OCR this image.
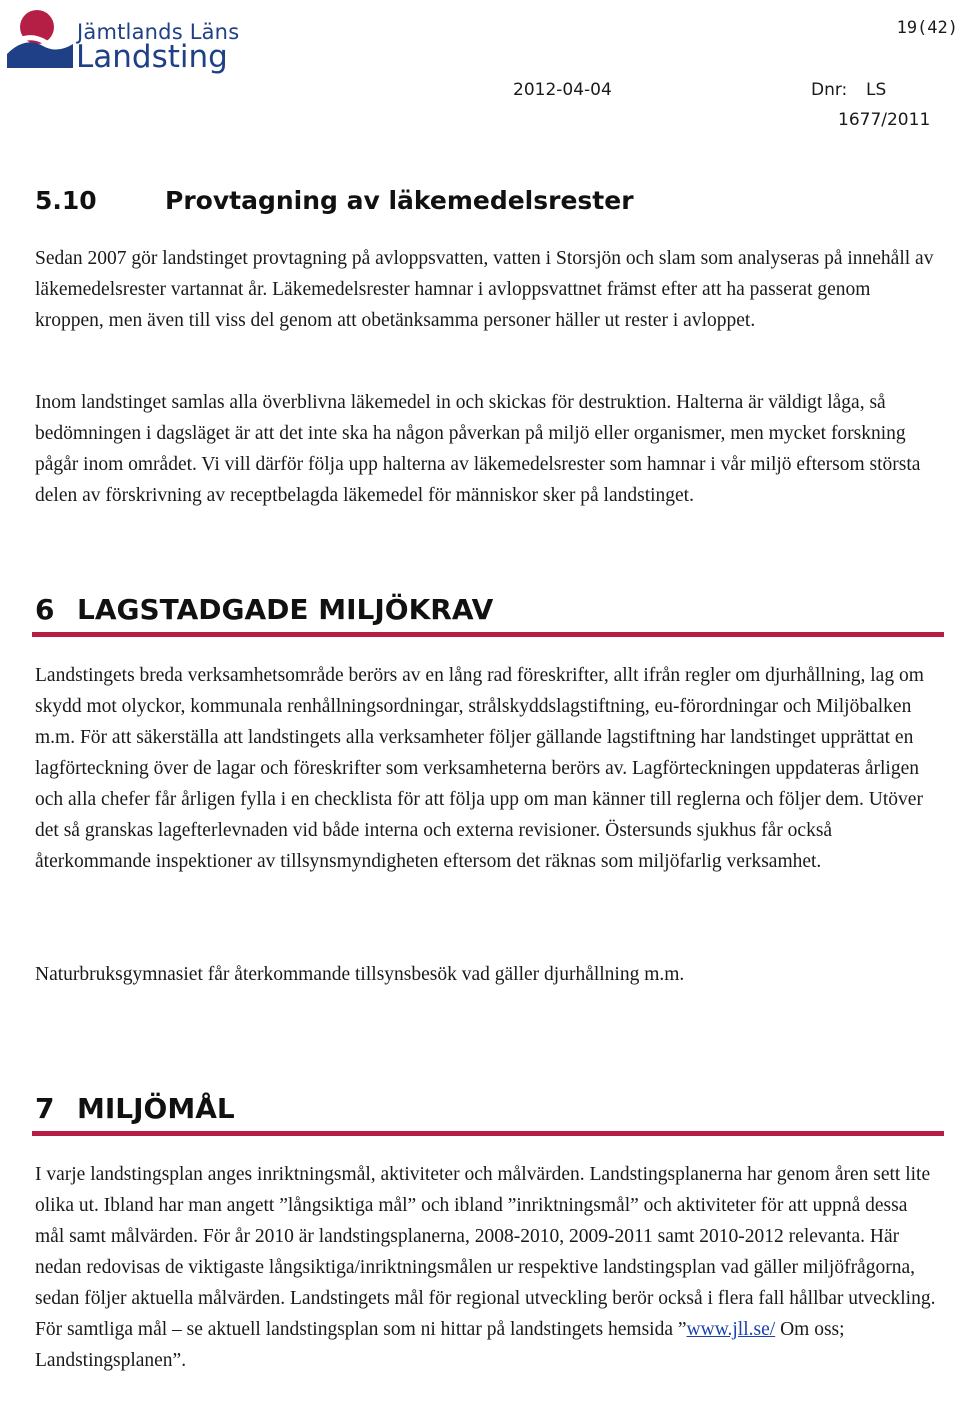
Jämtlands Läns
Landsting
19(42)
2012-04-04	Dnr: LS
1677/2011
5.10	Provtagning av läkemedelsrester

Sedan 2007 gör landstinget provtagning på avloppsvatten, vatten i Storsjön och slam som analyseras på innehåll av läkemedelsrester vartannat år. Läkemedelsrester hamnar i avloppsvattnet främst efter att ha passerat genom kroppen, men även till viss del genom att obetänksamma personer häller ut rester i avloppet.

Inom landstinget samlas alla överblivna läkemedel in och skickas för destruktion. Halterna är väldigt låga, så bedömningen i dagsläget är att det inte ska ha någon påverkan på miljö eller organismer, men mycket forskning pågår inom området. Vi vill därför följa upp halterna av läkemedelsrester som hamnar i vår miljö eftersom största delen av förskrivning av receptbelagda läkemedel för människor sker på landstinget.

6 LAGSTADGADE MILJÖKRAV

Landstingets breda verksamhetsområde berörs av en lång rad föreskrifter, allt ifrån regler om djurhållning, lag om skydd mot olyckor, kommunala renhållningsordningar, strålskyddslagstiftning, eu-förordningar och Miljöbalken m.m. För att säkerställa att landstingets alla verksamheter följer gällande lagstiftning har landstinget upprättat en lagförteckning över de lagar och föreskrifter som verksamheterna berörs av. Lagförteckningen uppdateras årligen och alla chefer får årligen fylla i en checklista för att följa upp om man känner till reglerna och följer dem. Utöver det så granskas lagefterlevnaden vid både interna och externa revisioner. Östersunds sjukhus får också återkommande inspektioner av tillsynsmyndigheten eftersom det räknas som miljöfarlig verksamhet.

Naturbruksgymnasiet får återkommande tillsynsbesök vad gäller djurhållning m.m.

7 MILJÖMÅL

I varje landstingsplan anges inriktningsmål, aktiviteter och målvärden. Landstingsplanerna har genom åren sett lite olika ut. Ibland har man angett ”långsiktiga mål” och ibland ”inriktningsmål” och aktiviteter för att uppnå dessa mål samt målvärden. För år 2010 är landstingsplanerna, 2008-2010, 2009-2011 samt 2010-2012 relevanta. Här nedan redovisas de viktigaste långsiktiga/inriktningsmålen ur respektive landstingsplan vad gäller miljöfrågorna, sedan följer aktuella målvärden. Landstingets mål för regional utveckling berör också i flera fall hållbar utveckling. För samtliga mål – se aktuell landstingsplan som ni hittar på landstingets hemsida ”www.jll.se/ Om oss; Landstingsplanen”.
